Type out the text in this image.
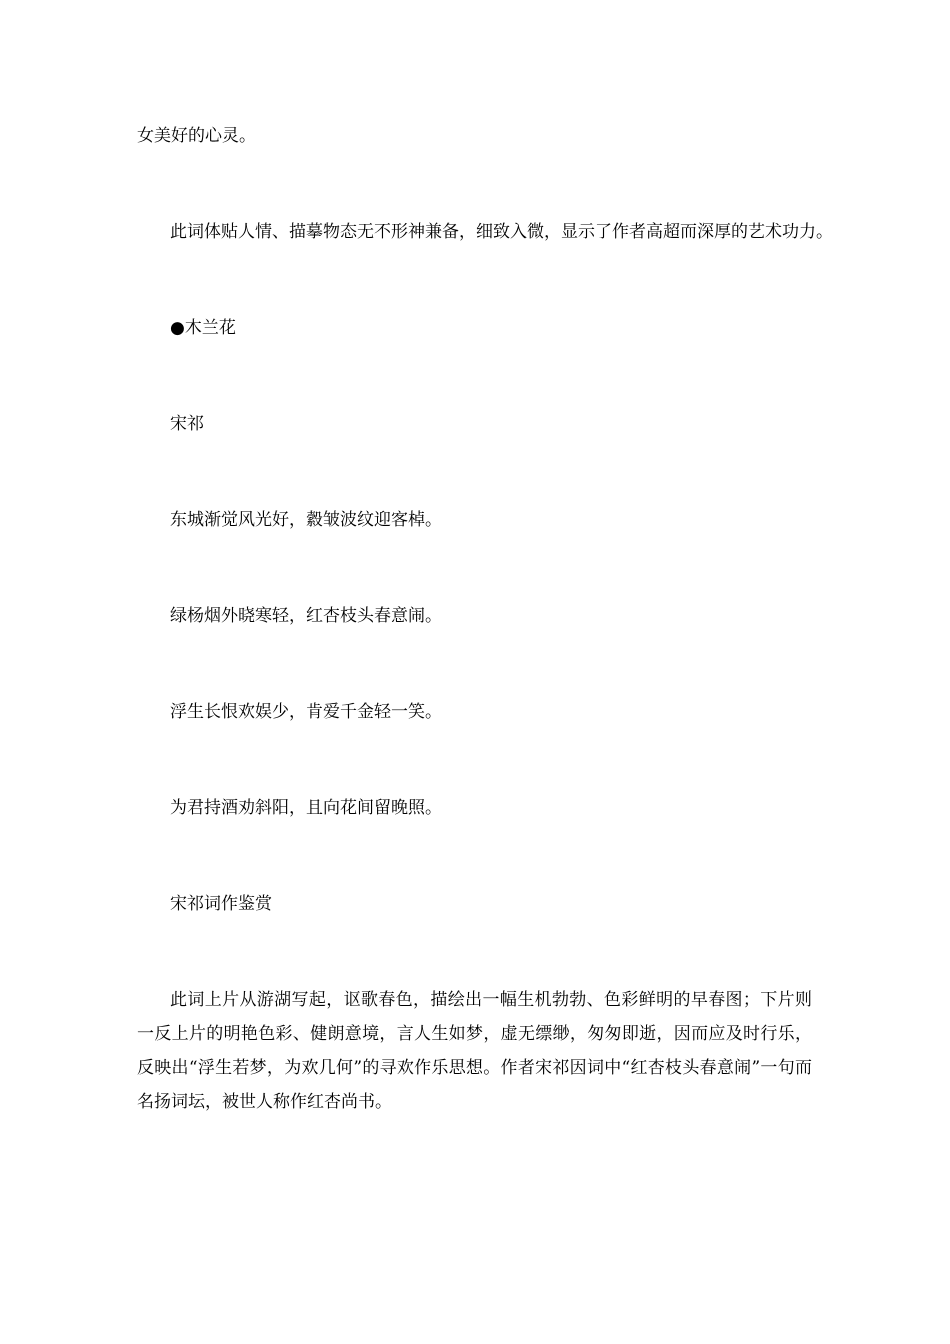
女美好的心灵。
此词体贴人情、描摹物态无不形神兼备，细致入微，显示了作者高超而深厚的艺术功力。
●木兰花
宋祁
东城渐觉风光好，縠皱波纹迎客棹。
绿杨烟外晓寒轻，红杏枝头春意闹。
浮生长恨欢娱少，肯爱千金轻一笑。
为君持酒劝斜阳，且向花间留晚照。
宋祁词作鉴赏
此词上片从游湖写起，讴歌春色，描绘出一幅生机勃勃、色彩鲜明的早春图；下片则一反上片的明艳色彩、健朗意境，言人生如梦，虚无缥缈，匆匆即逝，因而应及时行乐，反映出“浮生若梦，为欢几何”的寻欢作乐思想。作者宋祁因词中“红杏枝头春意闹”一句而名扬词坛，被世人称作红杏尚书。
